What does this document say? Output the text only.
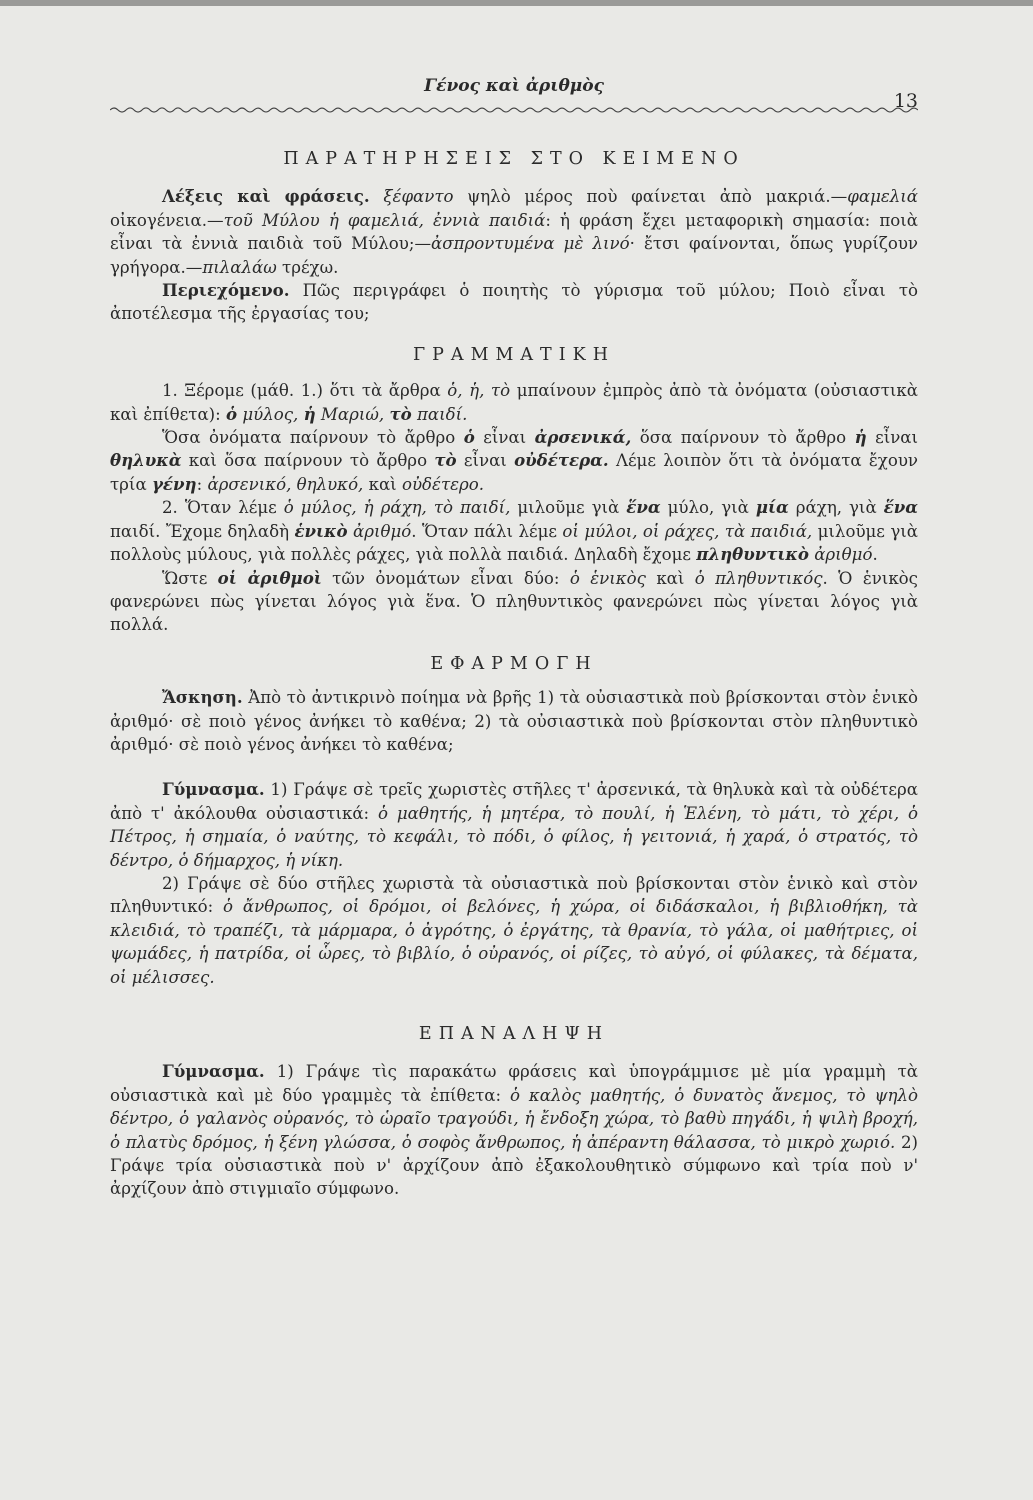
Γένος καὶ ἀριθμὸς
13
ΠΑΡΑΤΗΡΗΣΕΙΣ ΣΤΟ ΚΕΙΜΕΝΟ

Λέξεις καὶ φράσεις. ξέφαντο ψηλὸ μέρος ποὺ φαίνεται ἀπὸ μακριά.—φαμελιά οἰκογένεια.—τοῦ Μύλου ἡ φαμελιά, ἐννιὰ παιδιά: ἡ φράση ἔχει μεταφορικὴ σημασία: ποιὰ εἶναι τὰ ἐννιὰ παιδιὰ τοῦ Μύλου;—ἀσπροντυμένα μὲ λινό· ἔτσι φαίνονται, ὅπως γυρίζουν γρήγορα.—πιλαλάω τρέχω.

Περιεχόμενο. Πῶς περιγράφει ὁ ποιητὴς τὸ γύρισμα τοῦ μύλου; Ποιὸ εἶναι τὸ ἀποτέλεσμα τῆς ἐργασίας του;

ΓΡΑΜΜΑΤΙΚΗ

1. Ξέρομε (μάθ. 1.) ὅτι τὰ ἄρθρα ὁ, ἡ, τὸ μπαίνουν ἐμπρὸς ἀπὸ τὰ ὀνόματα (οὐσιαστικὰ καὶ ἐπίθετα): ὁ μύλος, ἡ Μαριώ, τὸ παιδί.

Ὅσα ὀνόματα παίρνουν τὸ ἄρθρο ὁ εἶναι ἀρσενικά, ὅσα παίρνουν τὸ ἄρθρο ἡ εἶναι θηλυκὰ καὶ ὅσα παίρνουν τὸ ἄρθρο τὸ εἶναι οὐδέτερα. Λέμε λοιπὸν ὅτι τὰ ὀνόματα ἔχουν τρία γένη: ἀρσενικό, θηλυκό, καὶ οὐδέτερο.

2. Ὅταν λέμε ὁ μύλος, ἡ ράχη, τὸ παιδί, μιλοῦμε γιὰ ἕνα μύλο, γιὰ μία ράχη, γιὰ ἕνα παιδί. Ἔχομε δηλαδὴ ἑνικὸ ἀριθμό. Ὅταν πάλι λέμε οἱ μύλοι, οἱ ράχες, τὰ παιδιά, μιλοῦμε γιὰ πολλοὺς μύλους, γιὰ πολλὲς ράχες, γιὰ πολλὰ παιδιά. Δηλαδὴ ἔχομε πληθυντικὸ ἀριθμό.

Ὥστε οἱ ἀριθμοὶ τῶν ὀνομάτων εἶναι δύο: ὁ ἑνικὸς καὶ ὁ πληθυντικός. Ὁ ἑνικὸς φανερώνει πὼς γίνεται λόγος γιὰ ἕνα. Ὁ πληθυντικὸς φανερώνει πὼς γίνεται λόγος γιὰ πολλά.

ΕΦΑΡΜΟΓΗ

Ἄσκηση. Ἀπὸ τὸ ἀντικρινὸ ποίημα νὰ βρῆς 1) τὰ οὐσιαστικὰ ποὺ βρίσκονται στὸν ἑνικὸ ἀριθμό· σὲ ποιὸ γένος ἀνήκει τὸ καθένα; 2) τὰ οὐσιαστικὰ ποὺ βρίσκονται στὸν πληθυντικὸ ἀριθμό· σὲ ποιὸ γένος ἀνήκει τὸ καθένα;

Γύμνασμα. 1) Γράψε σὲ τρεῖς χωριστὲς στῆλες τ' ἀρσενικά, τὰ θηλυκὰ καὶ τὰ οὐδέτερα ἀπὸ τ' ἀκόλουθα οὐσιαστικά: ὁ μαθητής, ἡ μητέρα, τὸ πουλί, ἡ Ἑλένη, τὸ μάτι, τὸ χέρι, ὁ Πέτρος, ἡ σημαία, ὁ ναύτης, τὸ κεφάλι, τὸ πόδι, ὁ φίλος, ἡ γειτονιά, ἡ χαρά, ὁ στρατός, τὸ δέντρο, ὁ δήμαρχος, ἡ νίκη.

2) Γράψε σὲ δύο στῆλες χωριστὰ τὰ οὐσιαστικὰ ποὺ βρίσκονται στὸν ἑνικὸ καὶ στὸν πληθυντικό: ὁ ἄνθρωπος, οἱ δρόμοι, οἱ βελόνες, ἡ χώρα, οἱ διδάσκαλοι, ἡ βιβλιοθήκη, τὰ κλειδιά, τὸ τραπέζι, τὰ μάρμαρα, ὁ ἀγρότης, ὁ ἐργάτης, τὰ θρανία, τὸ γάλα, οἱ μαθήτριες, οἱ ψωμάδες, ἡ πατρίδα, οἱ ὧρες, τὸ βιβλίο, ὁ οὐρανός, οἱ ρίζες, τὸ αὐγό, οἱ φύλακες, τὰ δέματα, οἱ μέλισσες.

ΕΠΑΝΑΛΗΨΗ

Γύμνασμα. 1) Γράψε τὶς παρακάτω φράσεις καὶ ὑπογράμμισε μὲ μία γραμμὴ τὰ οὐσιαστικὰ καὶ μὲ δύο γραμμὲς τὰ ἐπίθετα: ὁ καλὸς μαθητής, ὁ δυνατὸς ἄνεμος, τὸ ψηλὸ δέντρο, ὁ γαλανὸς οὐρανός, τὸ ὡραῖο τραγούδι, ἡ ἔνδοξη χώρα, τὸ βαθὺ πηγάδι, ἡ ψιλὴ βροχή, ὁ πλατὺς δρόμος, ἡ ξένη γλώσσα, ὁ σοφὸς ἄνθρωπος, ἡ ἀπέραντη θάλασσα, τὸ μικρὸ χωριό. 2) Γράψε τρία οὐσιαστικὰ ποὺ ν' ἀρχίζουν ἀπὸ ἐξακολουθητικὸ σύμφωνο καὶ τρία ποὺ ν' ἀρχίζουν ἀπὸ στιγμιαῖο σύμφωνο.
